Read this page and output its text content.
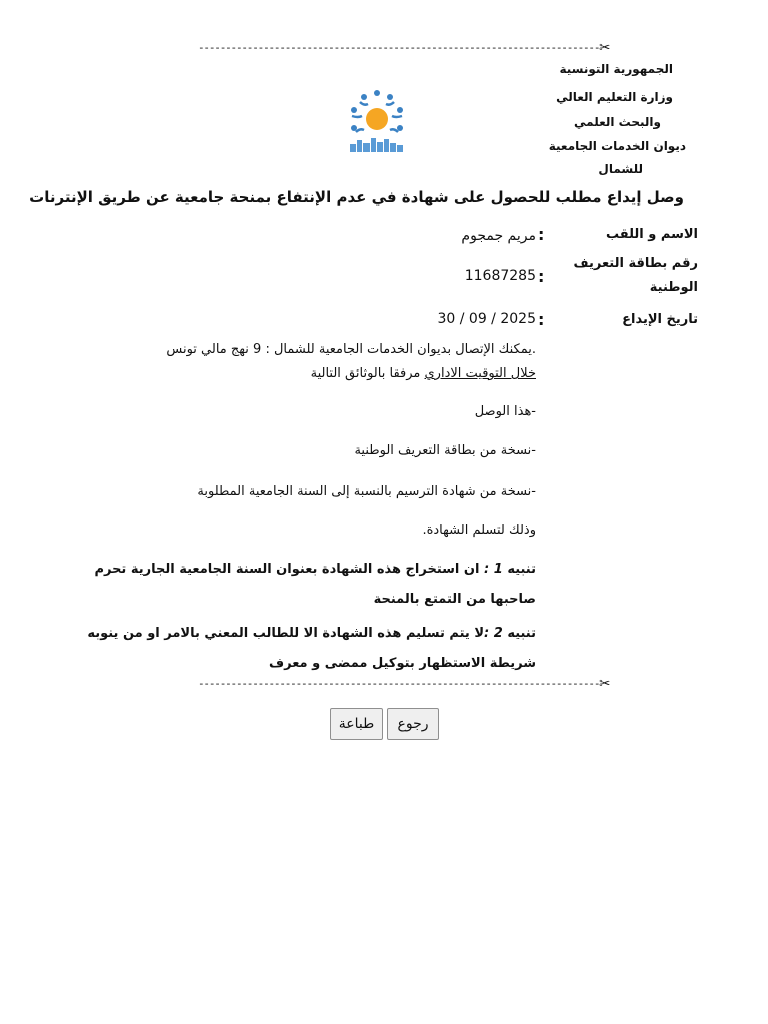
--------------------------------------------------------------------------✂
الجمهورية التونسية
وزارة التعليم العالي
والبحث العلمي
ديوان الخدمات الجامعية
للشمال
وصل إيداع مطلب للحصول على شهادة في عدم الإنتفاع بمنحة جامعية عن طريق الإنترنات
الاسم و اللقب
:
مريم جمجوم
رقم بطاقة التعريف
الوطنية
:
11687285
تاريخ الإيداع
:
2025 / 09 / 30
.يمكنك الإتصال بديوان الخدمات الجامعية للشمال : 9 نهج مالي تونس
خلال التوقيت الاداري مرفقا بالوثائق التالية
-هذا الوصل
-نسخة من بطاقة التعريف الوطنية
-نسخة من شهادة الترسيم بالنسبة إلى السنة الجامعية المطلوبة
وذلك لتسلم الشهادة.
تنبيه 1 : ان استخراج هذه الشهادة بعنوان السنة الجامعية الجارية تحرم صاحبها من التمتع بالمنحة
تنبيه 2 :لا يتم تسليم هذه الشهادة الا للطالب المعني بالامر او من ينوبه شريطة الاستظهار بتوكيل ممضى و معرف
--------------------------------------------------------------------------✂
رجوع
طباعة
